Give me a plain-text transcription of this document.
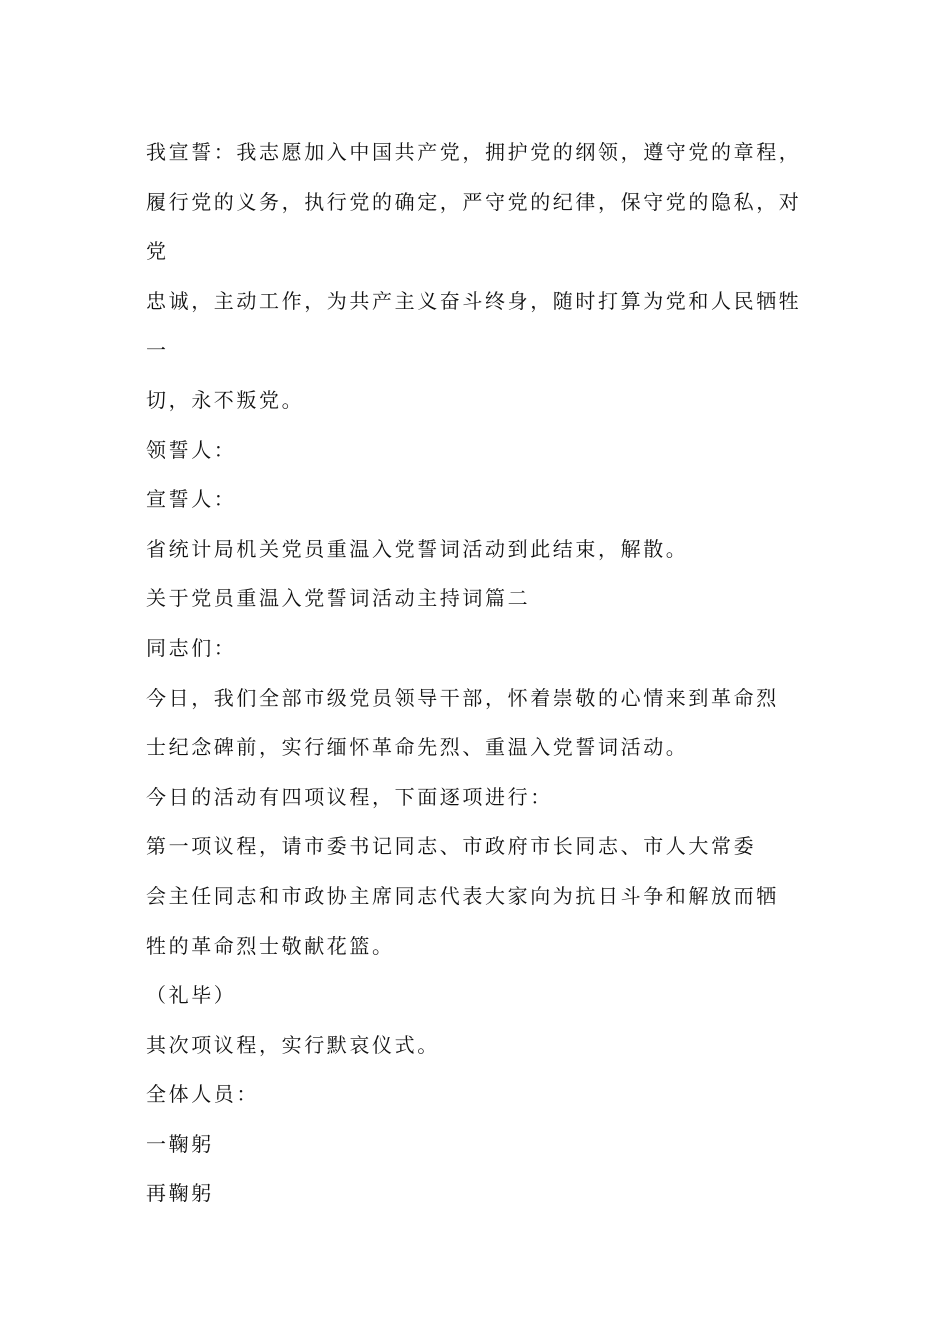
我宣誓：我志愿加入中国共产党，拥护党的纲领，遵守党的章程，
履行党的义务，执行党的确定，严守党的纪律，保守党的隐私，对
党
忠诚，主动工作，为共产主义奋斗终身，随时打算为党和人民牺牲
一
切，永不叛党。
领誓人：
宣誓人：
省统计局机关党员重温入党誓词活动到此结束，解散。
关于党员重温入党誓词活动主持词篇二
同志们：
今日，我们全部市级党员领导干部，怀着崇敬的心情来到革命烈
士纪念碑前，实行缅怀革命先烈、重温入党誓词活动。
今日的活动有四项议程，下面逐项进行：
第一项议程，请市委书记同志、市政府市长同志、市人大常委
会主任同志和市政协主席同志代表大家向为抗日斗争和解放而牺
牲的革命烈士敬献花篮。
（礼毕）
其次项议程，实行默哀仪式。
全体人员：
一鞠躬
再鞠躬
